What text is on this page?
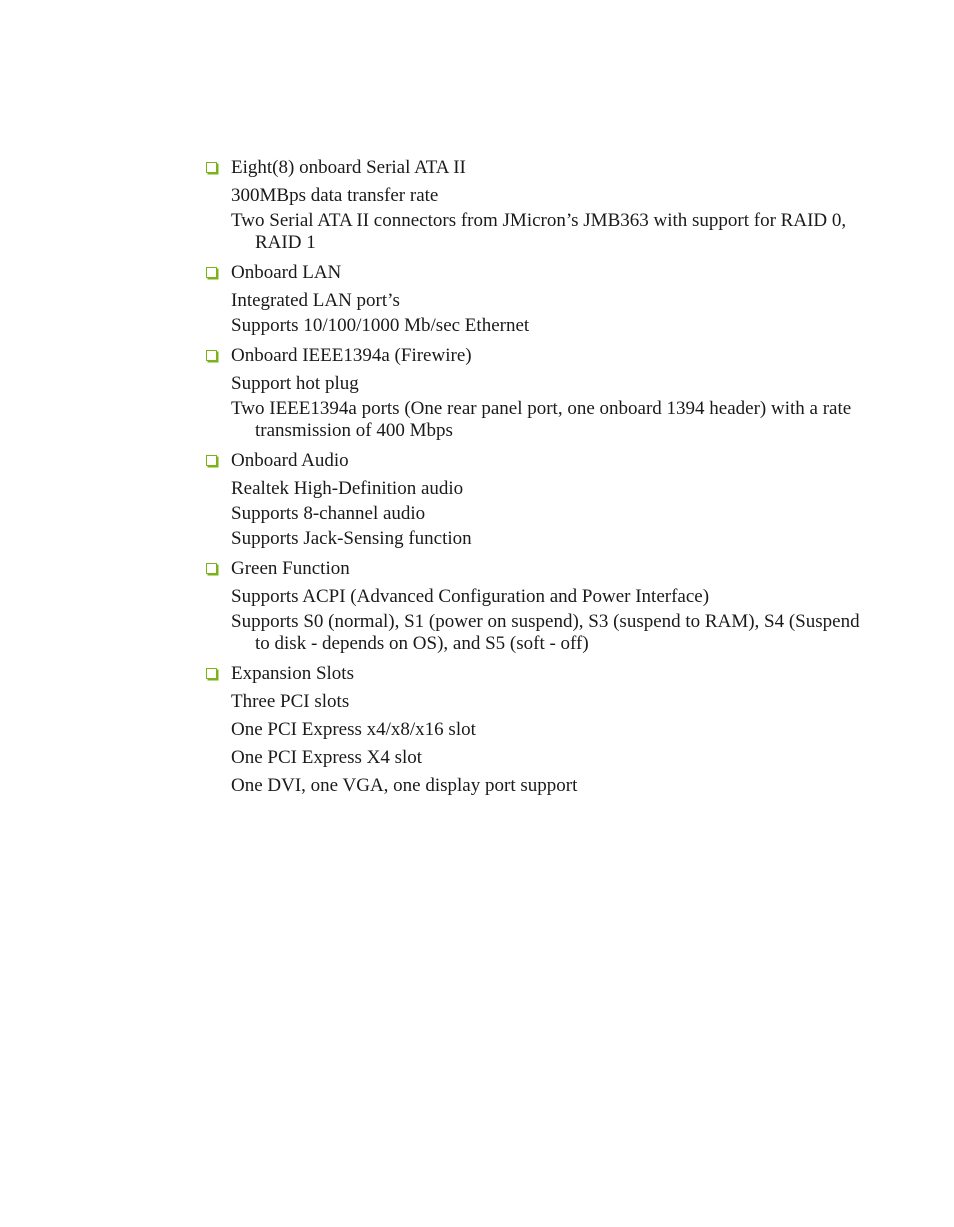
Eight(8) onboard Serial ATA II
300MBps data transfer rate
Two Serial ATA II connectors from JMicron’s JMB363 with support for RAID 0, RAID 1
Onboard LAN
Integrated LAN port’s
Supports 10/100/1000 Mb/sec Ethernet
Onboard IEEE1394a (Firewire)
Support hot plug
Two IEEE1394a ports (One rear panel port, one onboard 1394 header) with a rate transmission of 400 Mbps
Onboard Audio
Realtek High-Definition audio
Supports 8-channel audio
Supports Jack-Sensing function
Green Function
Supports ACPI (Advanced Configuration and Power Interface)
Supports S0 (normal), S1 (power on suspend), S3 (suspend to RAM), S4 (Suspend to disk - depends on OS), and S5 (soft - off)
Expansion Slots
Three PCI slots
One PCI Express x4/x8/x16 slot
One PCI Express X4 slot
One DVI, one VGA, one display port support
